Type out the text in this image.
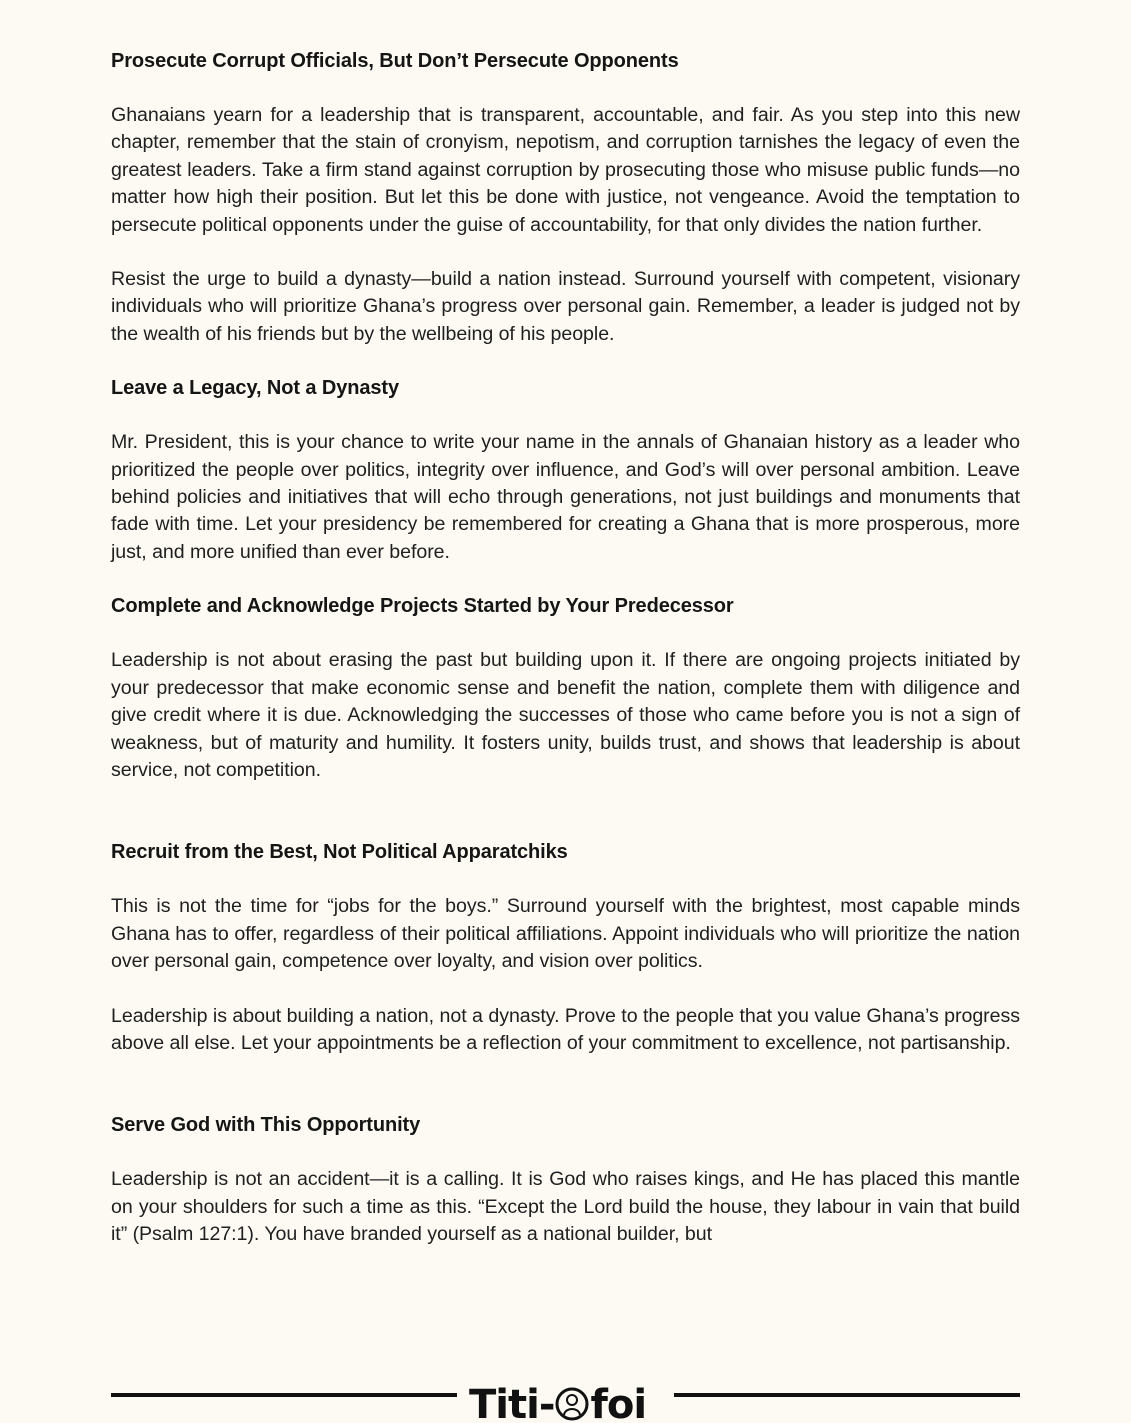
Prosecute Corrupt Officials, But Don’t Persecute Opponents

Ghanaians yearn for a leadership that is transparent, accountable, and fair. As you step into this new chapter, remember that the stain of cronyism, nepotism, and corruption tarnishes the legacy of even the greatest leaders. Take a firm stand against corruption by prosecuting those who misuse public funds—no matter how high their position. But let this be done with justice, not vengeance. Avoid the temptation to persecute political opponents under the guise of accountability, for that only divides the nation further.

Resist the urge to build a dynasty—build a nation instead. Surround yourself with competent, visionary individuals who will prioritize Ghana’s progress over personal gain. Remember, a leader is judged not by the wealth of his friends but by the wellbeing of his people.

Leave a Legacy, Not a Dynasty

Mr. President, this is your chance to write your name in the annals of Ghanaian history as a leader who prioritized the people over politics, integrity over influence, and God’s will over personal ambition. Leave behind policies and initiatives that will echo through generations, not just buildings and monuments that fade with time. Let your presidency be remembered for creating a Ghana that is more prosperous, more just, and more unified than ever before.

Complete and Acknowledge Projects Started by Your Predecessor

Leadership is not about erasing the past but building upon it. If there are ongoing projects initiated by your predecessor that make economic sense and benefit the nation, complete them with diligence and give credit where it is due. Acknowledging the successes of those who came before you is not a sign of weakness, but of maturity and humility. It fosters unity, builds trust, and shows that leadership is about service, not competition.

Recruit from the Best, Not Political Apparatchiks

This is not the time for “jobs for the boys.” Surround yourself with the brightest, most capable minds Ghana has to offer, regardless of their political affiliations. Appoint individuals who will prioritize the nation over personal gain, competence over loyalty, and vision over politics.

Leadership is about building a nation, not a dynasty. Prove to the people that you value Ghana’s progress above all else. Let your appointments be a reflection of your commitment to excellence, not partisanship.

Serve God with This Opportunity

Leadership is not an accident—it is a calling. It is God who raises kings, and He has placed this mantle on your shoulders for such a time as this. “Except the Lord build the house, they labour in vain that build it” (Psalm 127:1). You have branded yourself as a national builder, but

Titi- foi
